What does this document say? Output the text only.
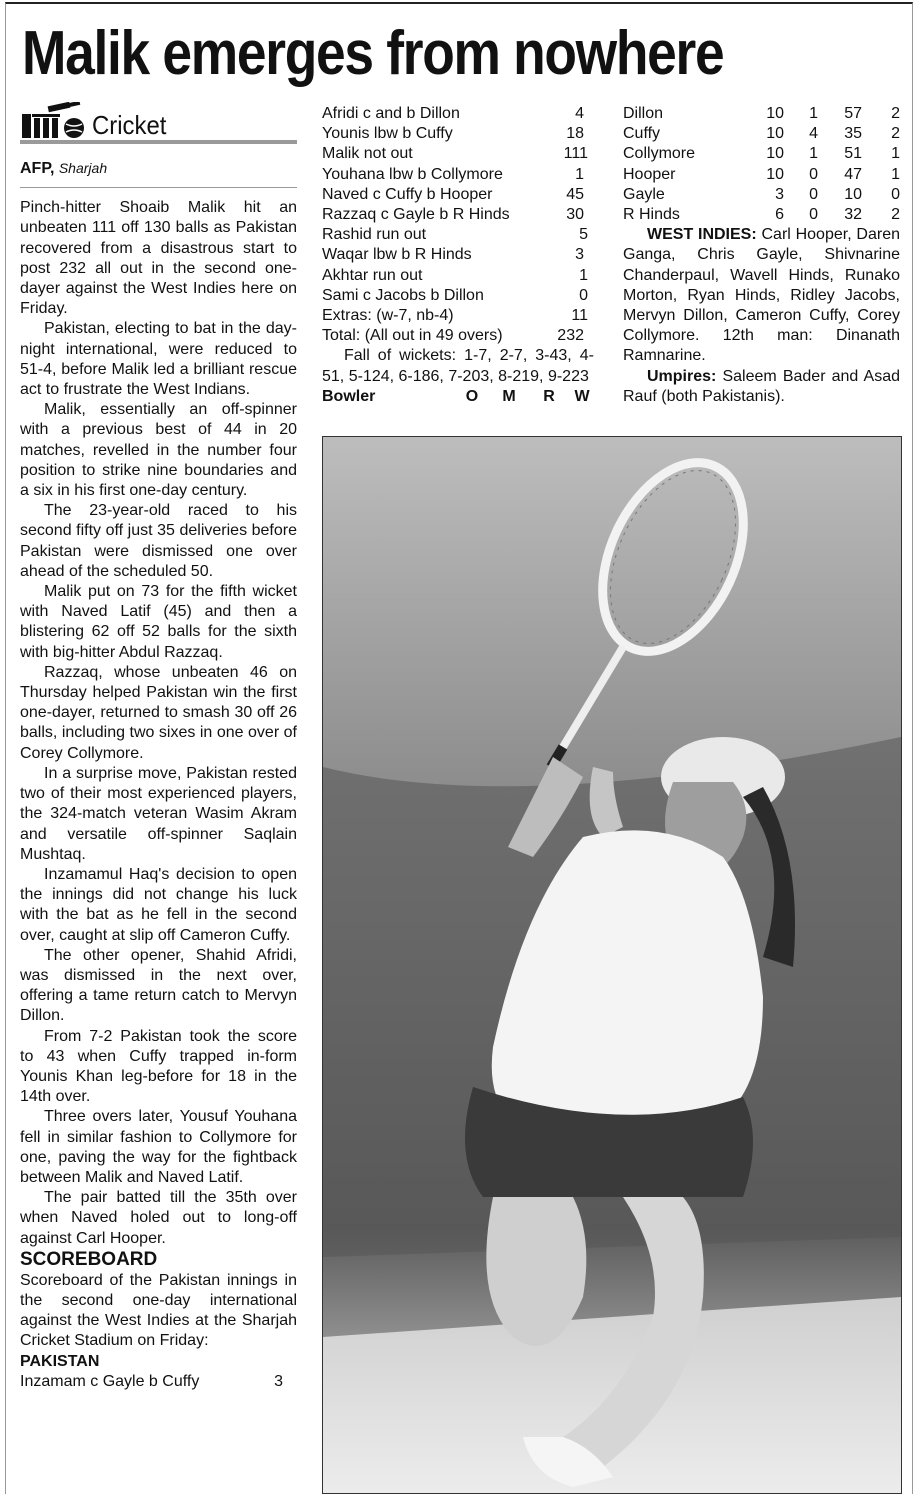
Malik emerges from nowhere
Cricket
AFP, Sharjah

Pinch-hitter Shoaib Malik hit an unbeaten 111 off 130 balls as Pakistan recovered from a disastrous start to post 232 all out in the second one-dayer against the West Indies here on Friday.

Pakistan, electing to bat in the day-night international, were reduced to 51-4, before Malik led a brilliant rescue act to frustrate the West Indians.

Malik, essentially an off-spinner with a previous best of 44 in 20 matches, revelled in the number four position to strike nine boundaries and a six in his first one-day century.

The 23-year-old raced to his second fifty off just 35 deliveries before Pakistan were dismissed one over ahead of the scheduled 50.

Malik put on 73 for the fifth wicket with Naved Latif (45) and then a blistering 62 off 52 balls for the sixth with big-hitter Abdul Razzaq.

Razzaq, whose unbeaten 46 on Thursday helped Pakistan win the first one-dayer, returned to smash 30 off 26 balls, including two sixes in one over of Corey Collymore.

In a surprise move, Pakistan rested two of their most experienced players, the 324-match veteran Wasim Akram and versatile off-spinner Saqlain Mushtaq.

Inzamamul Haq's decision to open the innings did not change his luck with the bat as he fell in the second over, caught at slip off Cameron Cuffy.

The other opener, Shahid Afridi, was dismissed in the next over, offering a tame return catch to Mervyn Dillon.

From 7-2 Pakistan took the score to 43 when Cuffy trapped in-form Younis Khan leg-before for 18 in the 14th over.

Three overs later, Yousuf Youhana fell in similar fashion to Collymore for one, paving the way for the fightback between Malik and Naved Latif.

The pair batted till the 35th over when Naved holed out to long-off against Carl Hooper.

SCOREBOARD
Scoreboard of the Pakistan innings in the second one-day international against the West Indies at the Sharjah Cricket Stadium on Friday:
PAKISTAN
Inzamam c Gayle b Cuffy	3
Afridi c and b Dillon	4
Younis lbw b Cuffy	18
Malik not out	111
Youhana lbw b Collymore	1
Naved c Cuffy b Hooper	45
Razzaq c Gayle b R Hinds	30
Rashid run out	5
Waqar lbw b R Hinds	3
Akhtar run out	1
Sami c Jacobs b Dillon	0
Extras: (w-7, nb-4)	11
Total: (All out in 49 overs)	232
Fall of wickets: 1-7, 2-7, 3-43, 4-51, 5-124, 6-186, 7-203, 8-219, 9-223
Bowler	O	M	R	W
Dillon	10	1	57	2
Cuffy	10	4	35	2
Collymore	10	1	51	1
Hooper	10	0	47	1
Gayle	3	0	10	0
R Hinds	6	0	32	2

WEST INDIES: Carl Hooper, Daren Ganga, Chris Gayle, Shivnarine Chanderpaul, Wavell Hinds, Runako Morton, Ryan Hinds, Ridley Jacobs, Mervyn Dillon, Cameron Cuffy, Corey Collymore. 12th man: Dinanath Ramnarine.

Umpires: Saleem Bader and Asad Rauf (both Pakistanis).
